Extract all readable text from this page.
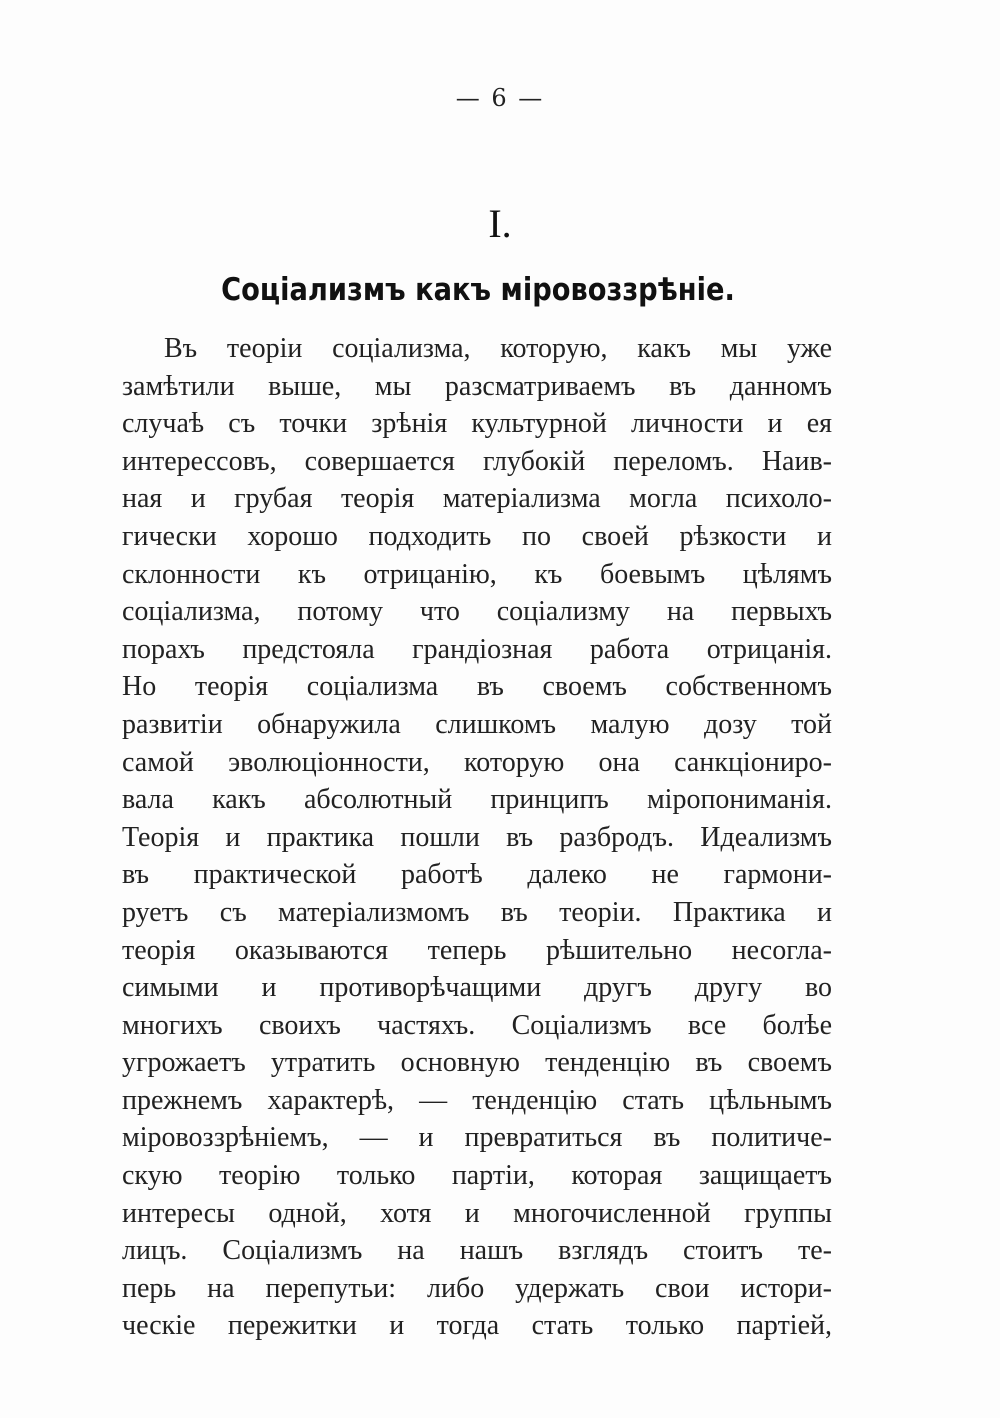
— 6 —
I.
Соціализмъ какъ міровоззрѣніе.
Въ теоріи соціализма, которую, какъ мы уже
замѣтили выше, мы разсматриваемъ въ данномъ
случаѣ съ точки зрѣнія культурной личности и ея
интерессовъ, совершается глубокій переломъ. Наив-
ная и грубая теорія матеріализма могла психоло-
гически хорошо подходить по своей рѣзкости и
склонности къ отрицанію, къ боевымъ цѣлямъ
соціализма, потому что соціализму на первыхъ
порахъ предстояла грандіозная работа отрицанія.
Но теорія соціализма въ своемъ собственномъ
развитіи обнаружила слишкомъ малую дозу той
самой эволюціонности, которую она санкціониро-
вала какъ абсолютный принципъ міропониманія.
Теорія и практика пошли въ разбродъ. Идеализмъ
въ практической работѣ далеко не гармони-
руетъ съ матеріализмомъ въ теоріи. Практика и
теорія оказываются теперь рѣшительно несогла-
симыми и противорѣчащими другъ другу во
многихъ своихъ частяхъ. Соціализмъ все болѣе
угрожаетъ утратить основную тенденцію въ своемъ
прежнемъ характерѣ, — тенденцію стать цѣльнымъ
міровоззрѣніемъ, — и превратиться въ политиче-
скую теорію только партіи, которая защищаетъ
интересы одной, хотя и многочисленной группы
лицъ. Соціализмъ на нашъ взглядъ стоитъ те-
перь на перепутьи: либо удержать свои истори-
ческіе пережитки и тогда стать только партіей,
